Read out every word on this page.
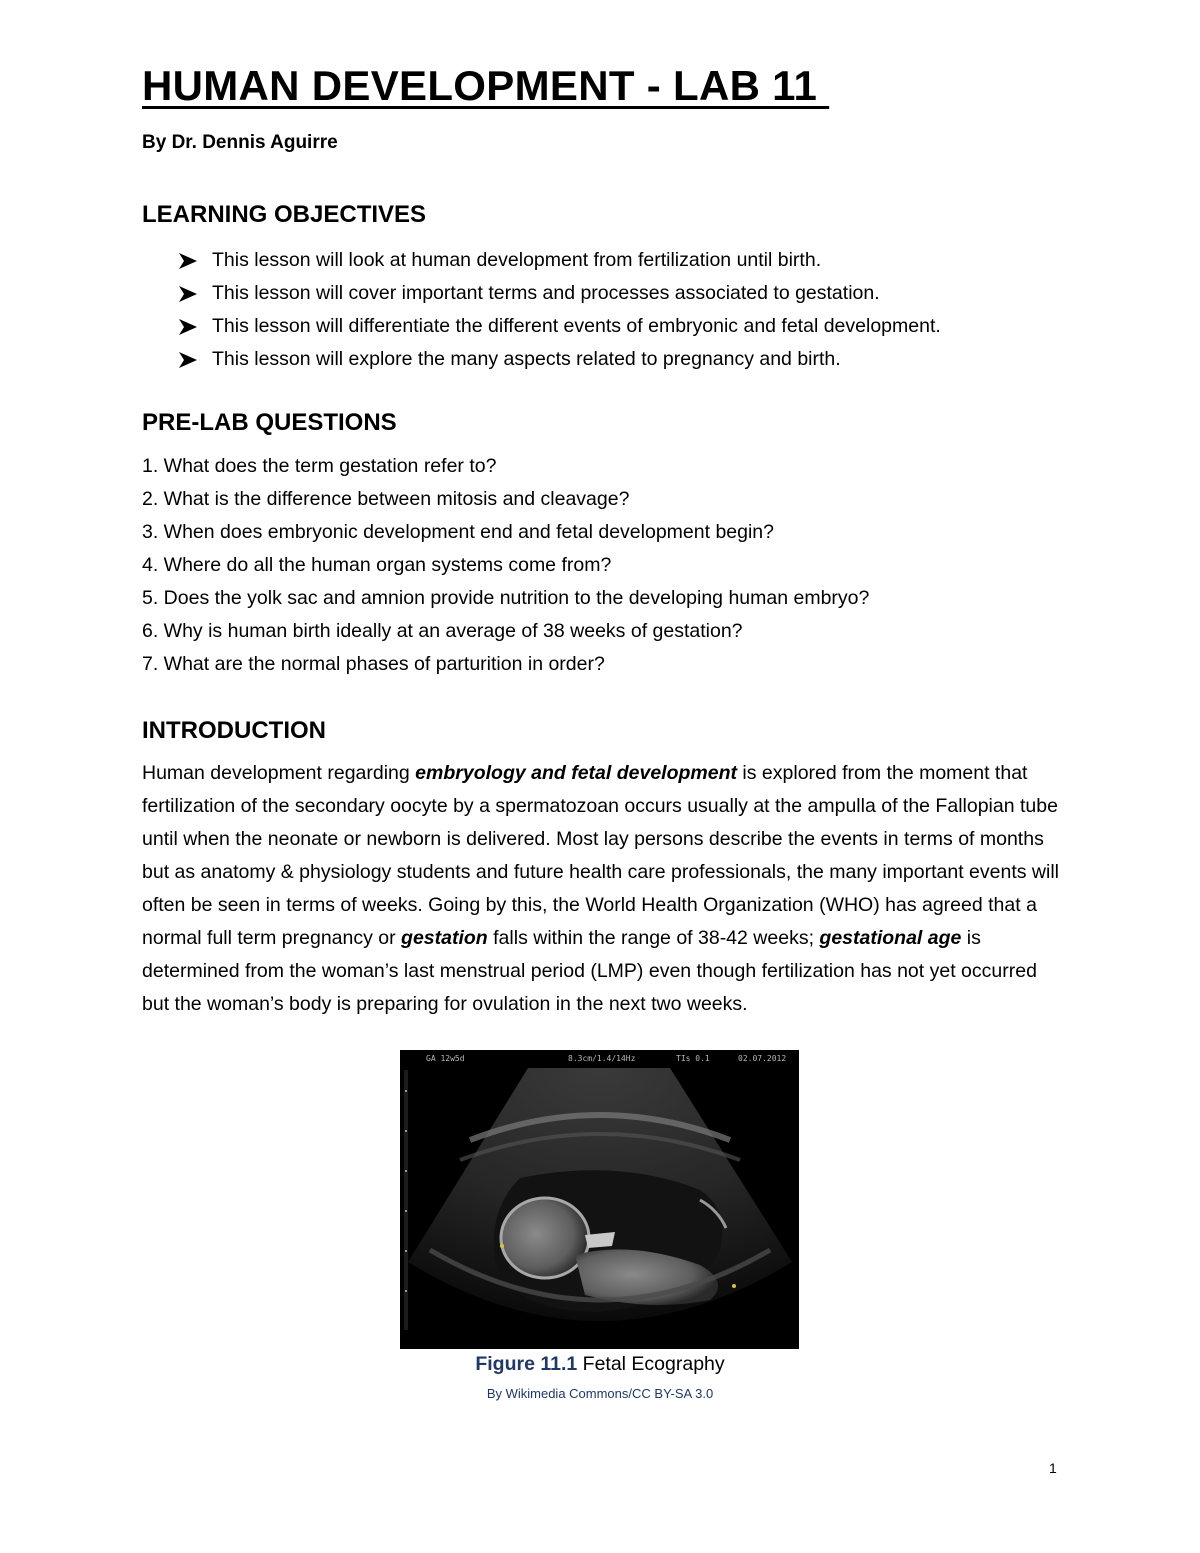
HUMAN DEVELOPMENT - LAB 11
By Dr. Dennis Aguirre
LEARNING OBJECTIVES
This lesson will look at human development from fertilization until birth.
This lesson will cover important terms and processes associated to gestation.
This lesson will differentiate the different events of embryonic and fetal development.
This lesson will explore the many aspects related to pregnancy and birth.
PRE-LAB QUESTIONS
1. What does the term gestation refer to?
2. What is the difference between mitosis and cleavage?
3. When does embryonic development end and fetal development begin?
4. Where do all the human organ systems come from?
5. Does the yolk sac and amnion provide nutrition to the developing human embryo?
6. Why is human birth ideally at an average of 38 weeks of gestation?
7. What are the normal phases of parturition in order?
INTRODUCTION

Human development regarding embryology and fetal development is explored from the moment that fertilization of the secondary oocyte by a spermatozoan occurs usually at the ampulla of the Fallopian tube until when the neonate or newborn is delivered. Most lay persons describe the events in terms of months but as anatomy & physiology students and future health care professionals, the many important events will often be seen in terms of weeks. Going by this, the World Health Organization (WHO) has agreed that a normal full term pregnancy or gestation falls within the range of 38-42 weeks; gestational age is determined from the woman’s last menstrual period (LMP) even though fertilization has not yet occurred but the woman’s body is preparing for ovulation in the next two weeks.

GA 12w5d	8.3cm/1.4/14Hz	TIs 0.1	02.07.2012
Figure 11.1 Fetal Ecography
By Wikimedia Commons/CC BY-SA 3.0
1
